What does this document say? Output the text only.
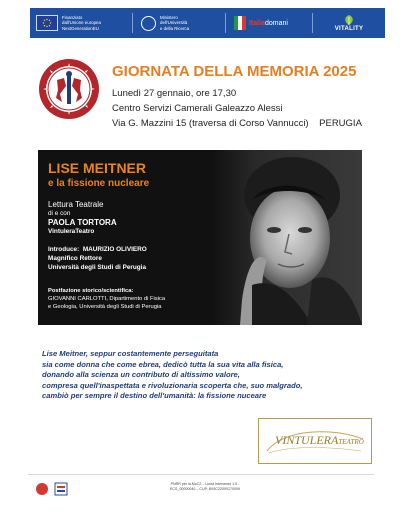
Finanziato
dall'Unione europea
NextGenerationEU
Ministero
dell'Università
e della Ricerca
Italiadomani
VITALITY
GIORNATA DELLA MEMORIA 2025
Lunedì 27 gennaio, ore 17,30
Centro Servizi Camerali Galeazzo Alessi
Via G. Mazzini 15 (traversa di Corso Vannucci)    PERUGIA
LISE MEITNER
e la fissione nucleare
Lettura Teatrale
di e con
PAOLA TORTORA
VintuleraTeatro
Introduce: MAURIZIO OLIVIERO
Magnifico Rettore
Università degli Studi di Perugia
Postfazione storico/scientifica:
GIOVANNI CARLOTTI, Dipartimento di Fisica
e Geologia, Università degli Studi di Perugia
Lise Meitner, seppur costantemente perseguitata
sia come donna che come ebrea, dedicò tutta la sua vita alla fisica,
donando alla scienza un contributo di altissimo valore,
compresa quell'inaspettata e rivoluzionaria scoperta che, suo malgrado,
cambiò per sempre il destino dell'umanità: la fissione nuceare
VINTULERATEATRO
PNRR per la MoC2 – Linea Intervento 1.5 -
ECS_00000040 – CUP: B93C22000170009
